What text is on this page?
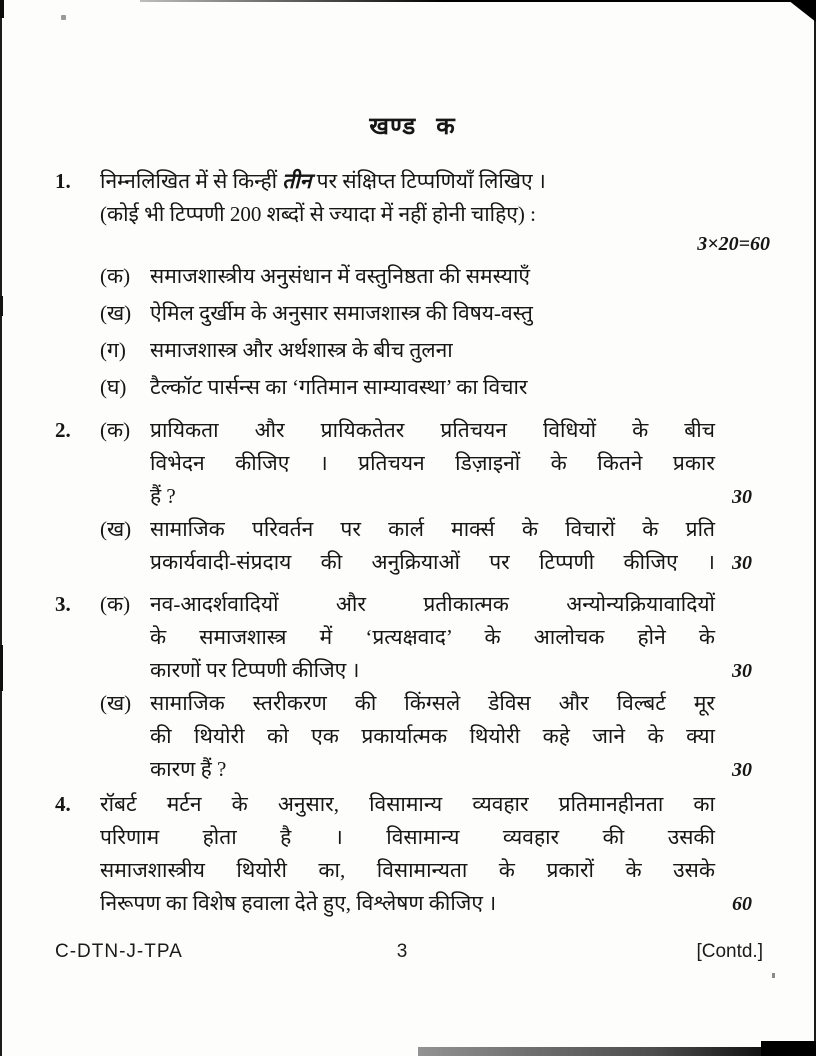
खण्ड क
1.	निम्नलिखित में से किन्हीं तीन पर संक्षिप्त टिप्पणियाँ लिखिए ।
(कोई भी टिप्पणी 200 शब्दों से ज्यादा में नहीं होनी चाहिए) :
3×20=60
(क) समाजशास्त्रीय अनुसंधान में वस्तुनिष्ठता की समस्याएँ
(ख) ऐमिल दुर्खीम के अनुसार समाजशास्त्र की विषय-वस्तु
(ग)	समाजशास्त्र और अर्थशास्त्र के बीच तुलना
(घ)	टैल्कॉट पार्सन्स का ‘गतिमान साम्यावस्था’ का विचार
2.	(क) प्रायिकता और प्रायिकतेतर प्रतिचयन विधियों के बीच
विभेदन कीजिए । प्रतिचयन डिज़ाइनों के कितने प्रकार
हैं ?	30
(ख) सामाजिक परिवर्तन पर कार्ल मार्क्स के विचारों के प्रति
प्रकार्यवादी-संप्रदाय की अनुक्रियाओं पर टिप्पणी कीजिए । 30
3.	(क) नव-आदर्शवादियों और प्रतीकात्मक अन्योन्यक्रियावादियों
के समाजशास्त्र में ‘प्रत्यक्षवाद’ के आलोचक होने के
कारणों पर टिप्पणी कीजिए ।	30
(ख) सामाजिक स्तरीकरण की किंग्सले डेविस और विल्बर्ट मूर
की थियोरी को एक प्रकार्यात्मक थियोरी कहे जाने के क्या
कारण हैं ?	30
4.	रॉबर्ट मर्टन के अनुसार, विसामान्य व्यवहार प्रतिमानहीनता का
परिणाम होता है । विसामान्य व्यवहार की उसकी
समाजशास्त्रीय थियोरी का, विसामान्यता के प्रकारों के उसके
निरूपण का विशेष हवाला देते हुए, विश्लेषण कीजिए ।	60
C-DTN-J-TPA	3	[Contd.]
